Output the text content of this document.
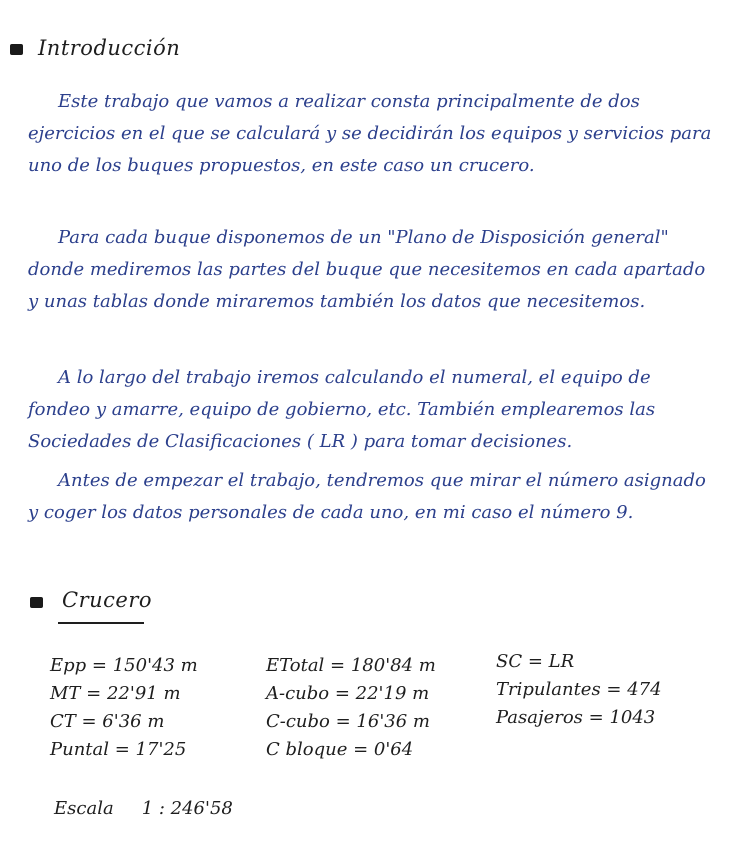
Introducción

Este trabajo que vamos a realizar consta principalmente de dos ejercicios en el que se calculará y se decidirán los equipos y servicios para uno de los buques propuestos, en este caso un crucero.

Para cada buque disponemos de un "Plano de Disposición general" donde mediremos las partes del buque que necesitemos en cada apartado y unas tablas donde miraremos también los datos que necesitemos.

A lo largo del trabajo iremos calculando el numeral, el equipo de fondeo y amarre, equipo de gobierno, etc. También emplearemos las Sociedades de Clasificaciones ( LR ) para tomar decisiones.

Antes de empezar el trabajo, tendremos que mirar el número asignado y coger los datos personales de cada uno, en mi caso el número 9.

Crucero
Epp = 150'43 m
MT = 22'91 m
CT = 6'36 m
Puntal = 17'25
ETotal = 180'84 m
A-cubo = 22'19 m
C-cubo = 16'36 m
C bloque = 0'64
SC = LR
Tripulantes = 474
Pasajeros = 1043
Escala 1 : 246'58
